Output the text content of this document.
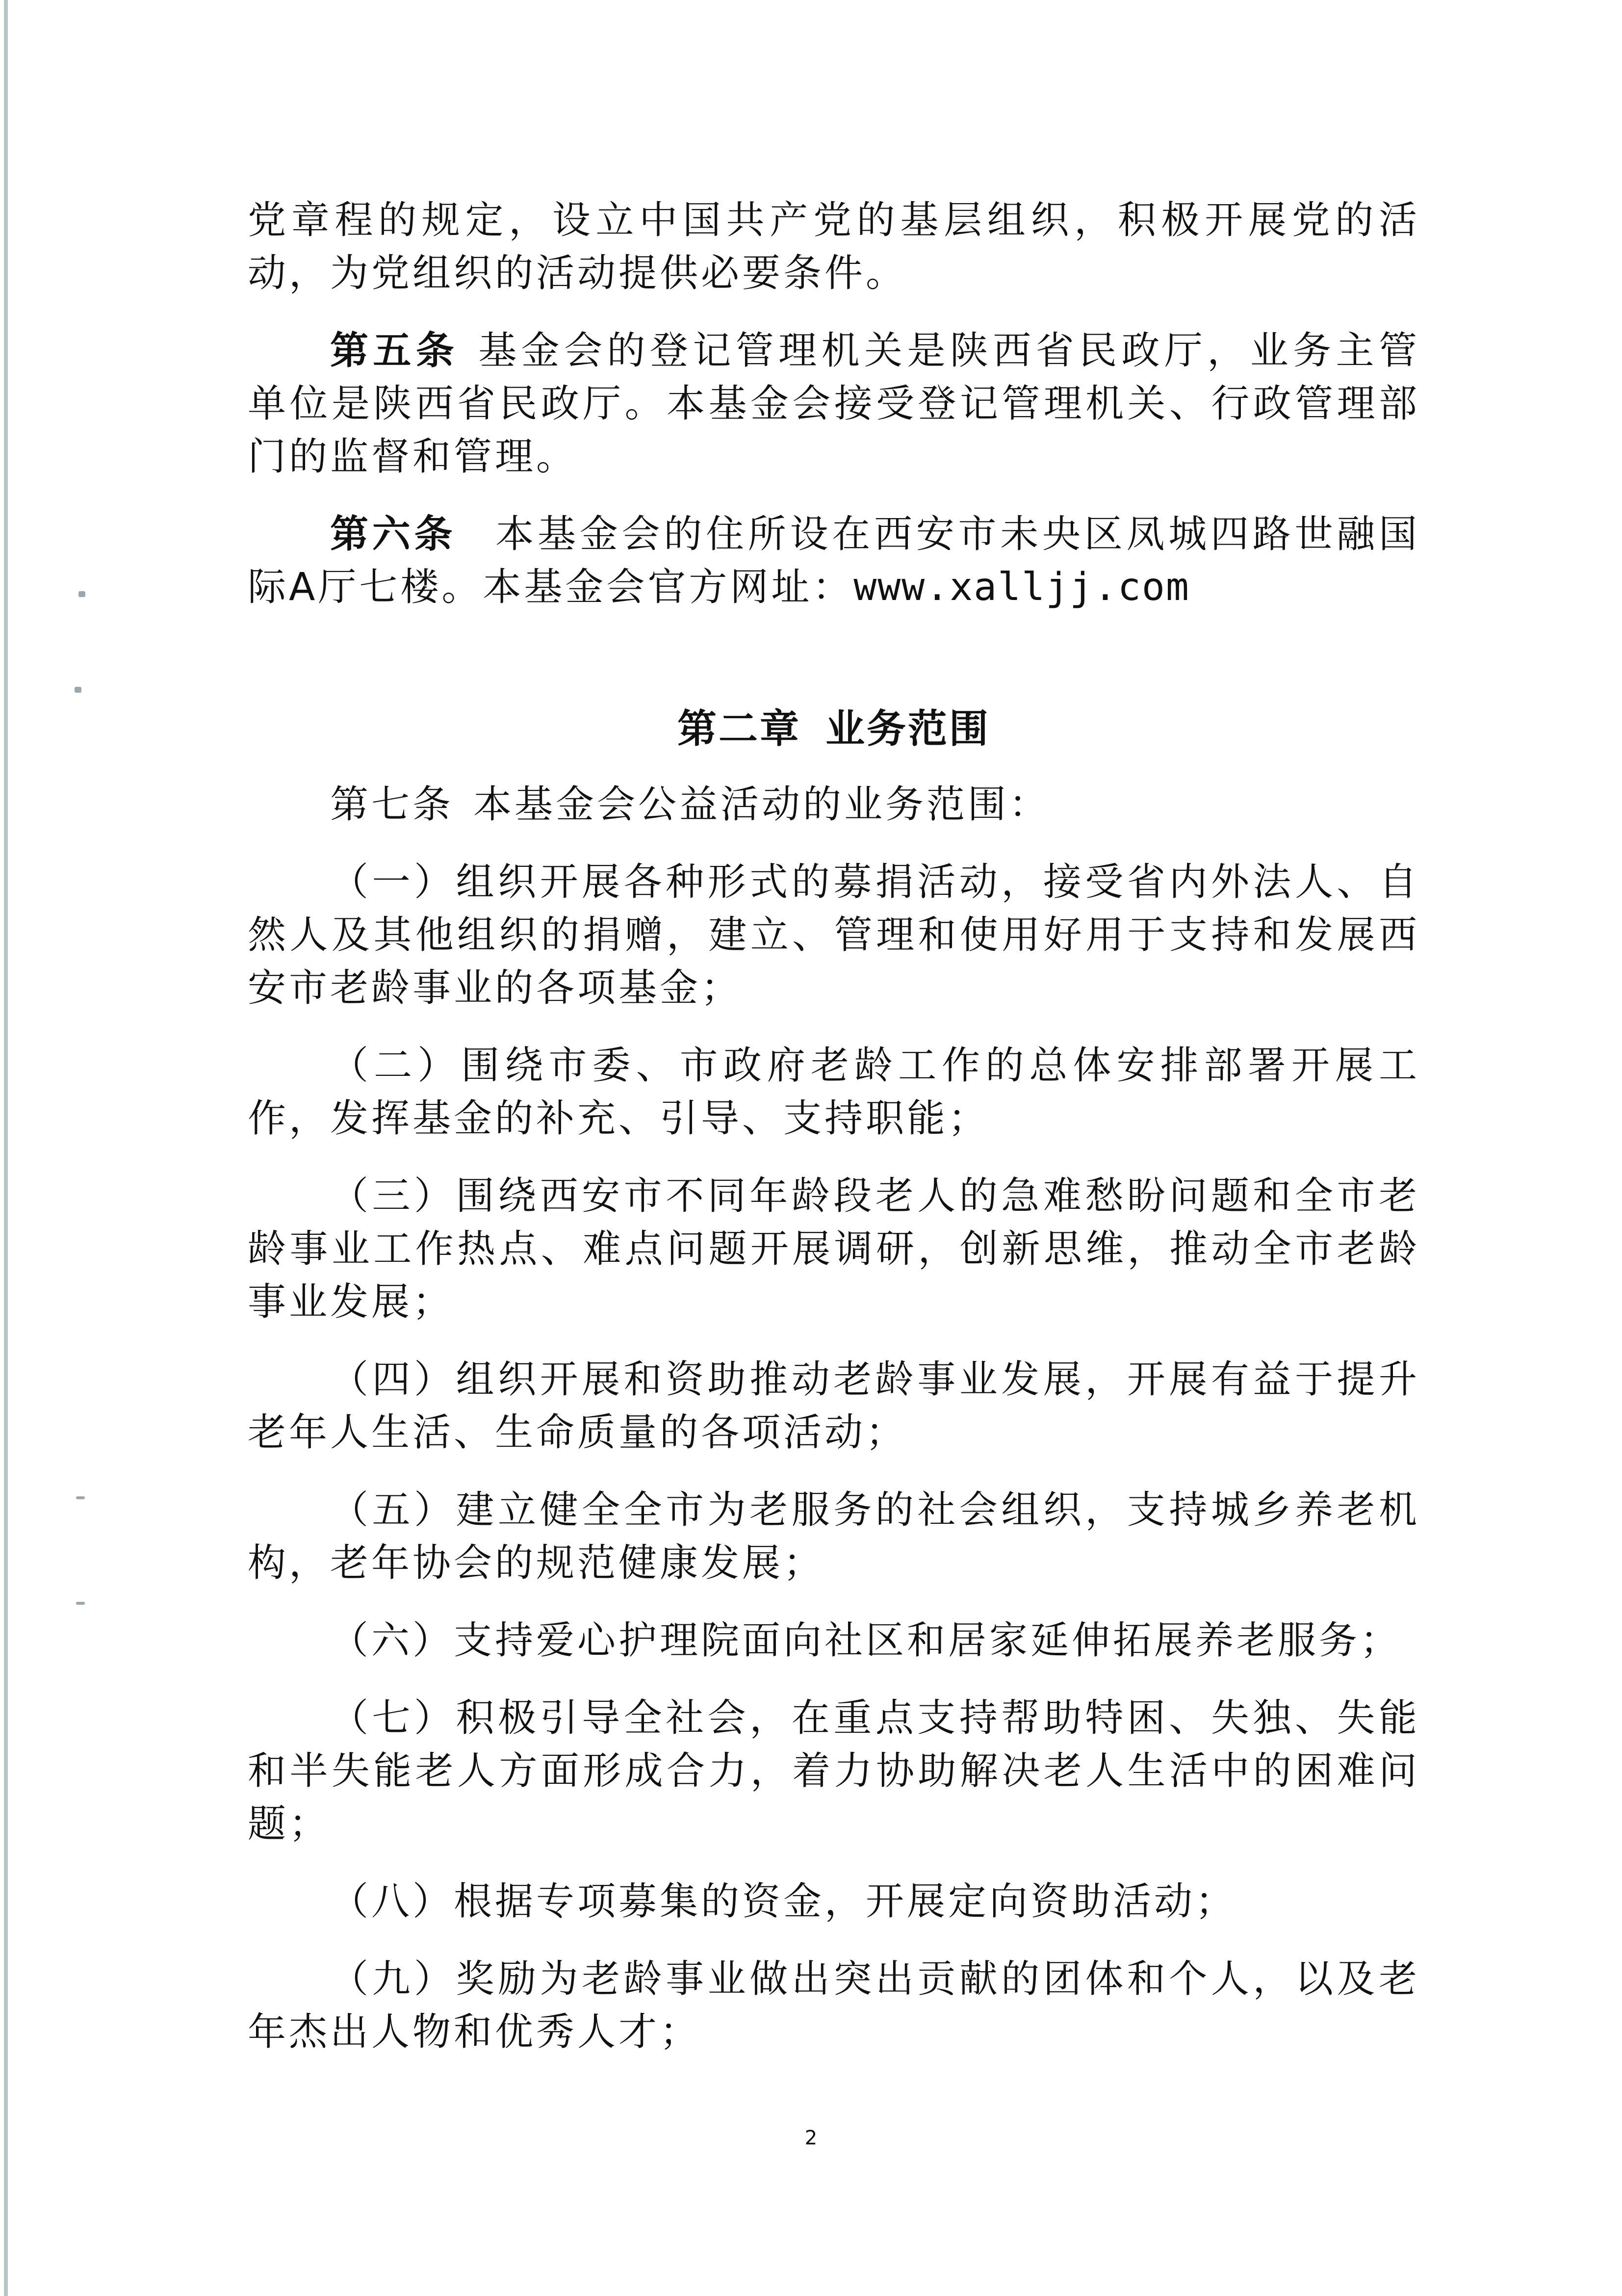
党章程的规定，设立中国共产党的基层组织，积极开展党的活动，为党组织的活动提供必要条件。

第五条 基金会的登记管理机关是陕西省民政厅，业务主管单位是陕西省民政厅。本基金会接受登记管理机关、行政管理部门的监督和管理。

第六条 本基金会的住所设在西安市未央区凤城四路世融国际A厅七楼。本基金会官方网址：www.xalljj.com

第二章 业务范围

第七条 本基金会公益活动的业务范围：

（一）组织开展各种形式的募捐活动，接受省内外法人、自然人及其他组织的捐赠，建立、管理和使用好用于支持和发展西安市老龄事业的各项基金；

（二）围绕市委、市政府老龄工作的总体安排部署开展工作，发挥基金的补充、引导、支持职能；

（三）围绕西安市不同年龄段老人的急难愁盼问题和全市老龄事业工作热点、难点问题开展调研，创新思维，推动全市老龄事业发展；

（四）组织开展和资助推动老龄事业发展，开展有益于提升老年人生活、生命质量的各项活动；

（五）建立健全全市为老服务的社会组织，支持城乡养老机构，老年协会的规范健康发展；

（六）支持爱心护理院面向社区和居家延伸拓展养老服务；

（七）积极引导全社会，在重点支持帮助特困、失独、失能和半失能老人方面形成合力，着力协助解决老人生活中的困难问题；

（八）根据专项募集的资金，开展定向资助活动；

（九）奖励为老龄事业做出突出贡献的团体和个人，以及老年杰出人物和优秀人才；

2
